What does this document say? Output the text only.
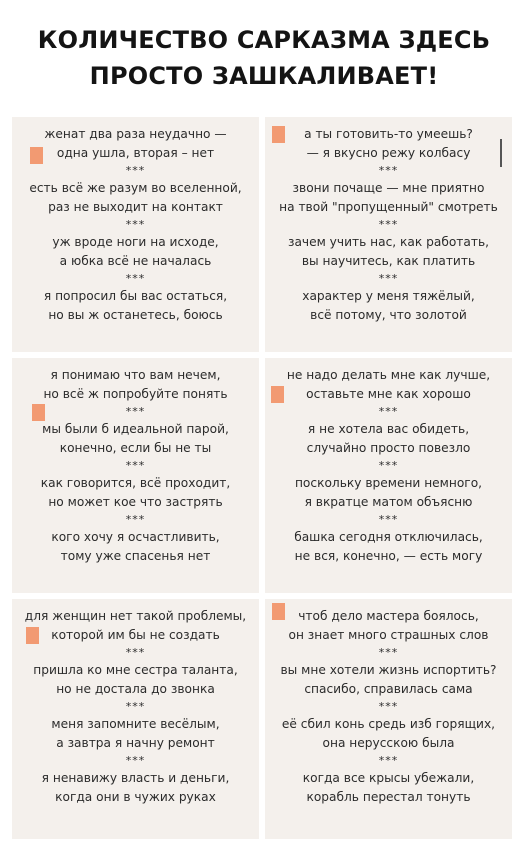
КОЛИЧЕСТВО САРКАЗМА ЗДЕСЬ
ПРОСТО ЗАШКАЛИВАЕТ!
женат два раза неудачно —
одна ушла, вторая – нет
***
есть всё же разум во вселенной,
раз не выходит на контакт
***
уж вроде ноги на исходе,
а юбка всё не началась
***
я попросил бы вас остаться,
но вы ж останетесь, боюсь
а ты готовить-то умеешь?
— я вкусно режу колбасу
***
звони почаще — мне приятно
на твой "пропущенный" смотреть
***
зачем учить нас, как работать,
вы научитесь, как платить
***
характер у меня тяжёлый,
всё потому, что золотой
я понимаю что вам нечем,
но всё ж попробуйте понять
***
мы были б идеальной парой,
конечно, если бы не ты
***
как говорится, всё проходит,
но может кое что застрять
***
кого хочу я осчастливить,
тому уже спасенья нет
не надо делать мне как лучше,
оставьте мне как хорошо
***
я не хотела вас обидеть,
случайно просто повезло
***
поскольку времени немного,
я вкратце матом объясню
***
башка сегодня отключилась,
не вся, конечно, — есть могу
для женщин нет такой проблемы,
которой им бы не создать
***
пришла ко мне сестра таланта,
но не достала до звонка
***
меня запомните весёлым,
а завтра я начну ремонт
***
я ненавижу власть и деньги,
когда они в чужих руках
чтоб дело мастера боялось,
он знает много страшных слов
***
вы мне хотели жизнь испортить?
спасибо, справилась сама
***
её сбил конь средь изб горящих,
она нерусскою была
***
когда все крысы убежали,
корабль перестал тонуть
